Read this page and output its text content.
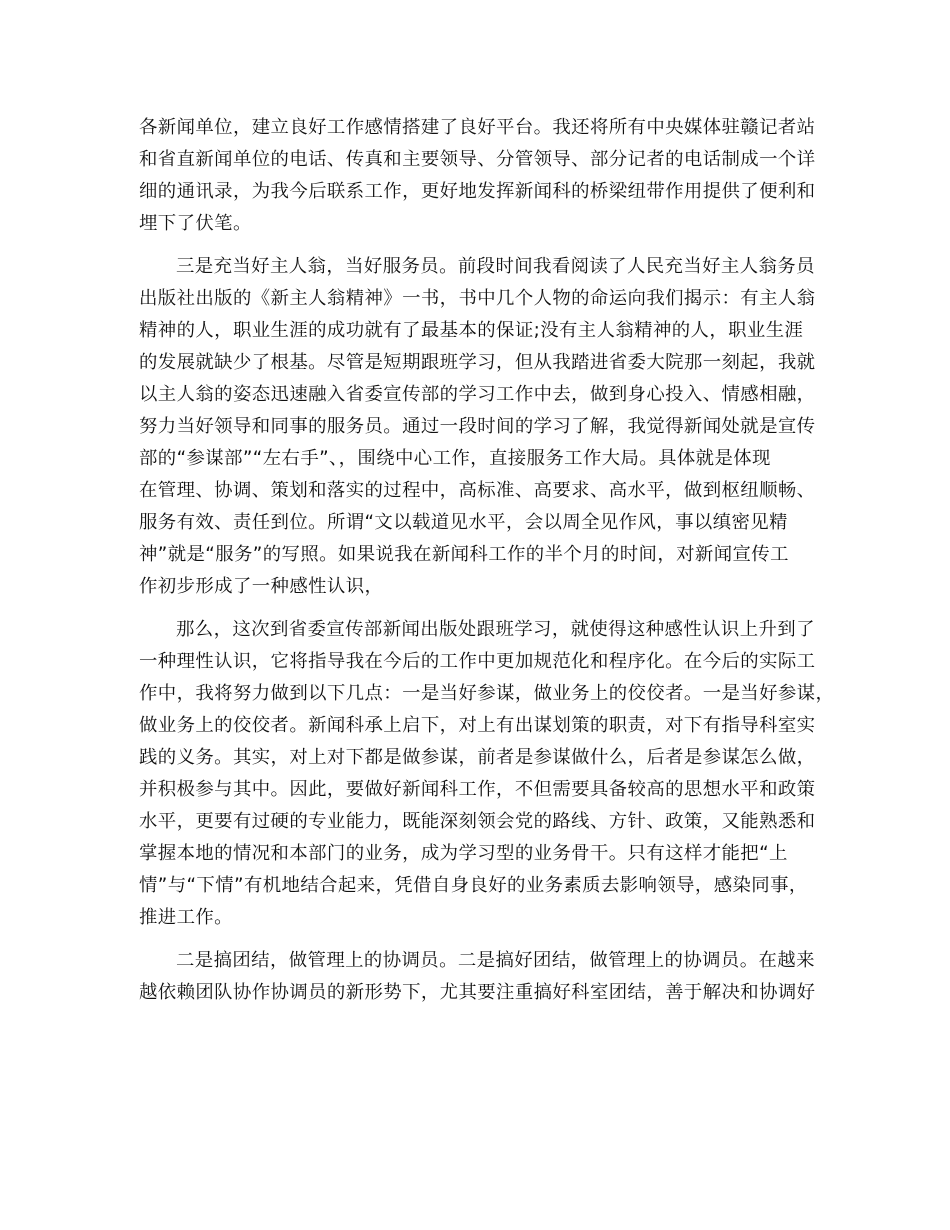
各新闻单位，建立良好工作感情搭建了良好平台。我还将所有中央媒体驻赣记者站
和省直新闻单位的电话、传真和主要领导、分管领导、部分记者的电话制成一个详
细的通讯录，为我今后联系工作，更好地发挥新闻科的桥梁纽带作用提供了便利和
埋下了伏笔。
三是充当好主人翁，当好服务员。前段时间我看阅读了人民充当好主人翁务员
出版社出版的《新主人翁精神》一书，书中几个人物的命运向我们揭示：有主人翁
精神的人，职业生涯的成功就有了最基本的保证;没有主人翁精神的人，职业生涯
的发展就缺少了根基。尽管是短期跟班学习，但从我踏进省委大院那一刻起，我就
以主人翁的姿态迅速融入省委宣传部的学习工作中去，做到身心投入、情感相融，
努力当好领导和同事的服务员。通过一段时间的学习了解，我觉得新闻处就是宣传
部的“参谋部”“左右手”、，围绕中心工作，直接服务工作大局。具体就是体现
在管理、协调、策划和落实的过程中，高标准、高要求、高水平，做到枢纽顺畅、
服务有效、责任到位。所谓“文以载道见水平，会以周全见作风，事以缜密见精
神”就是“服务”的写照。如果说我在新闻科工作的半个月的时间，对新闻宣传工
作初步形成了一种感性认识，
那么，这次到省委宣传部新闻出版处跟班学习，就使得这种感性认识上升到了
一种理性认识，它将指导我在今后的工作中更加规范化和程序化。在今后的实际工
作中，我将努力做到以下几点：一是当好参谋，做业务上的佼佼者。一是当好参谋，
做业务上的佼佼者。新闻科承上启下，对上有出谋划策的职责，对下有指导科室实
践的义务。其实，对上对下都是做参谋，前者是参谋做什么，后者是参谋怎么做，
并积极参与其中。因此，要做好新闻科工作，不但需要具备较高的思想水平和政策
水平，更要有过硬的专业能力，既能深刻领会党的路线、方针、政策，又能熟悉和
掌握本地的情况和本部门的业务，成为学习型的业务骨干。只有这样才能把“上
情”与“下情”有机地结合起来，凭借自身良好的业务素质去影响领导，感染同事，
推进工作。
二是搞团结，做管理上的协调员。二是搞好团结，做管理上的协调员。在越来
越依赖团队协作协调员的新形势下，尤其要注重搞好科室团结，善于解决和协调好
